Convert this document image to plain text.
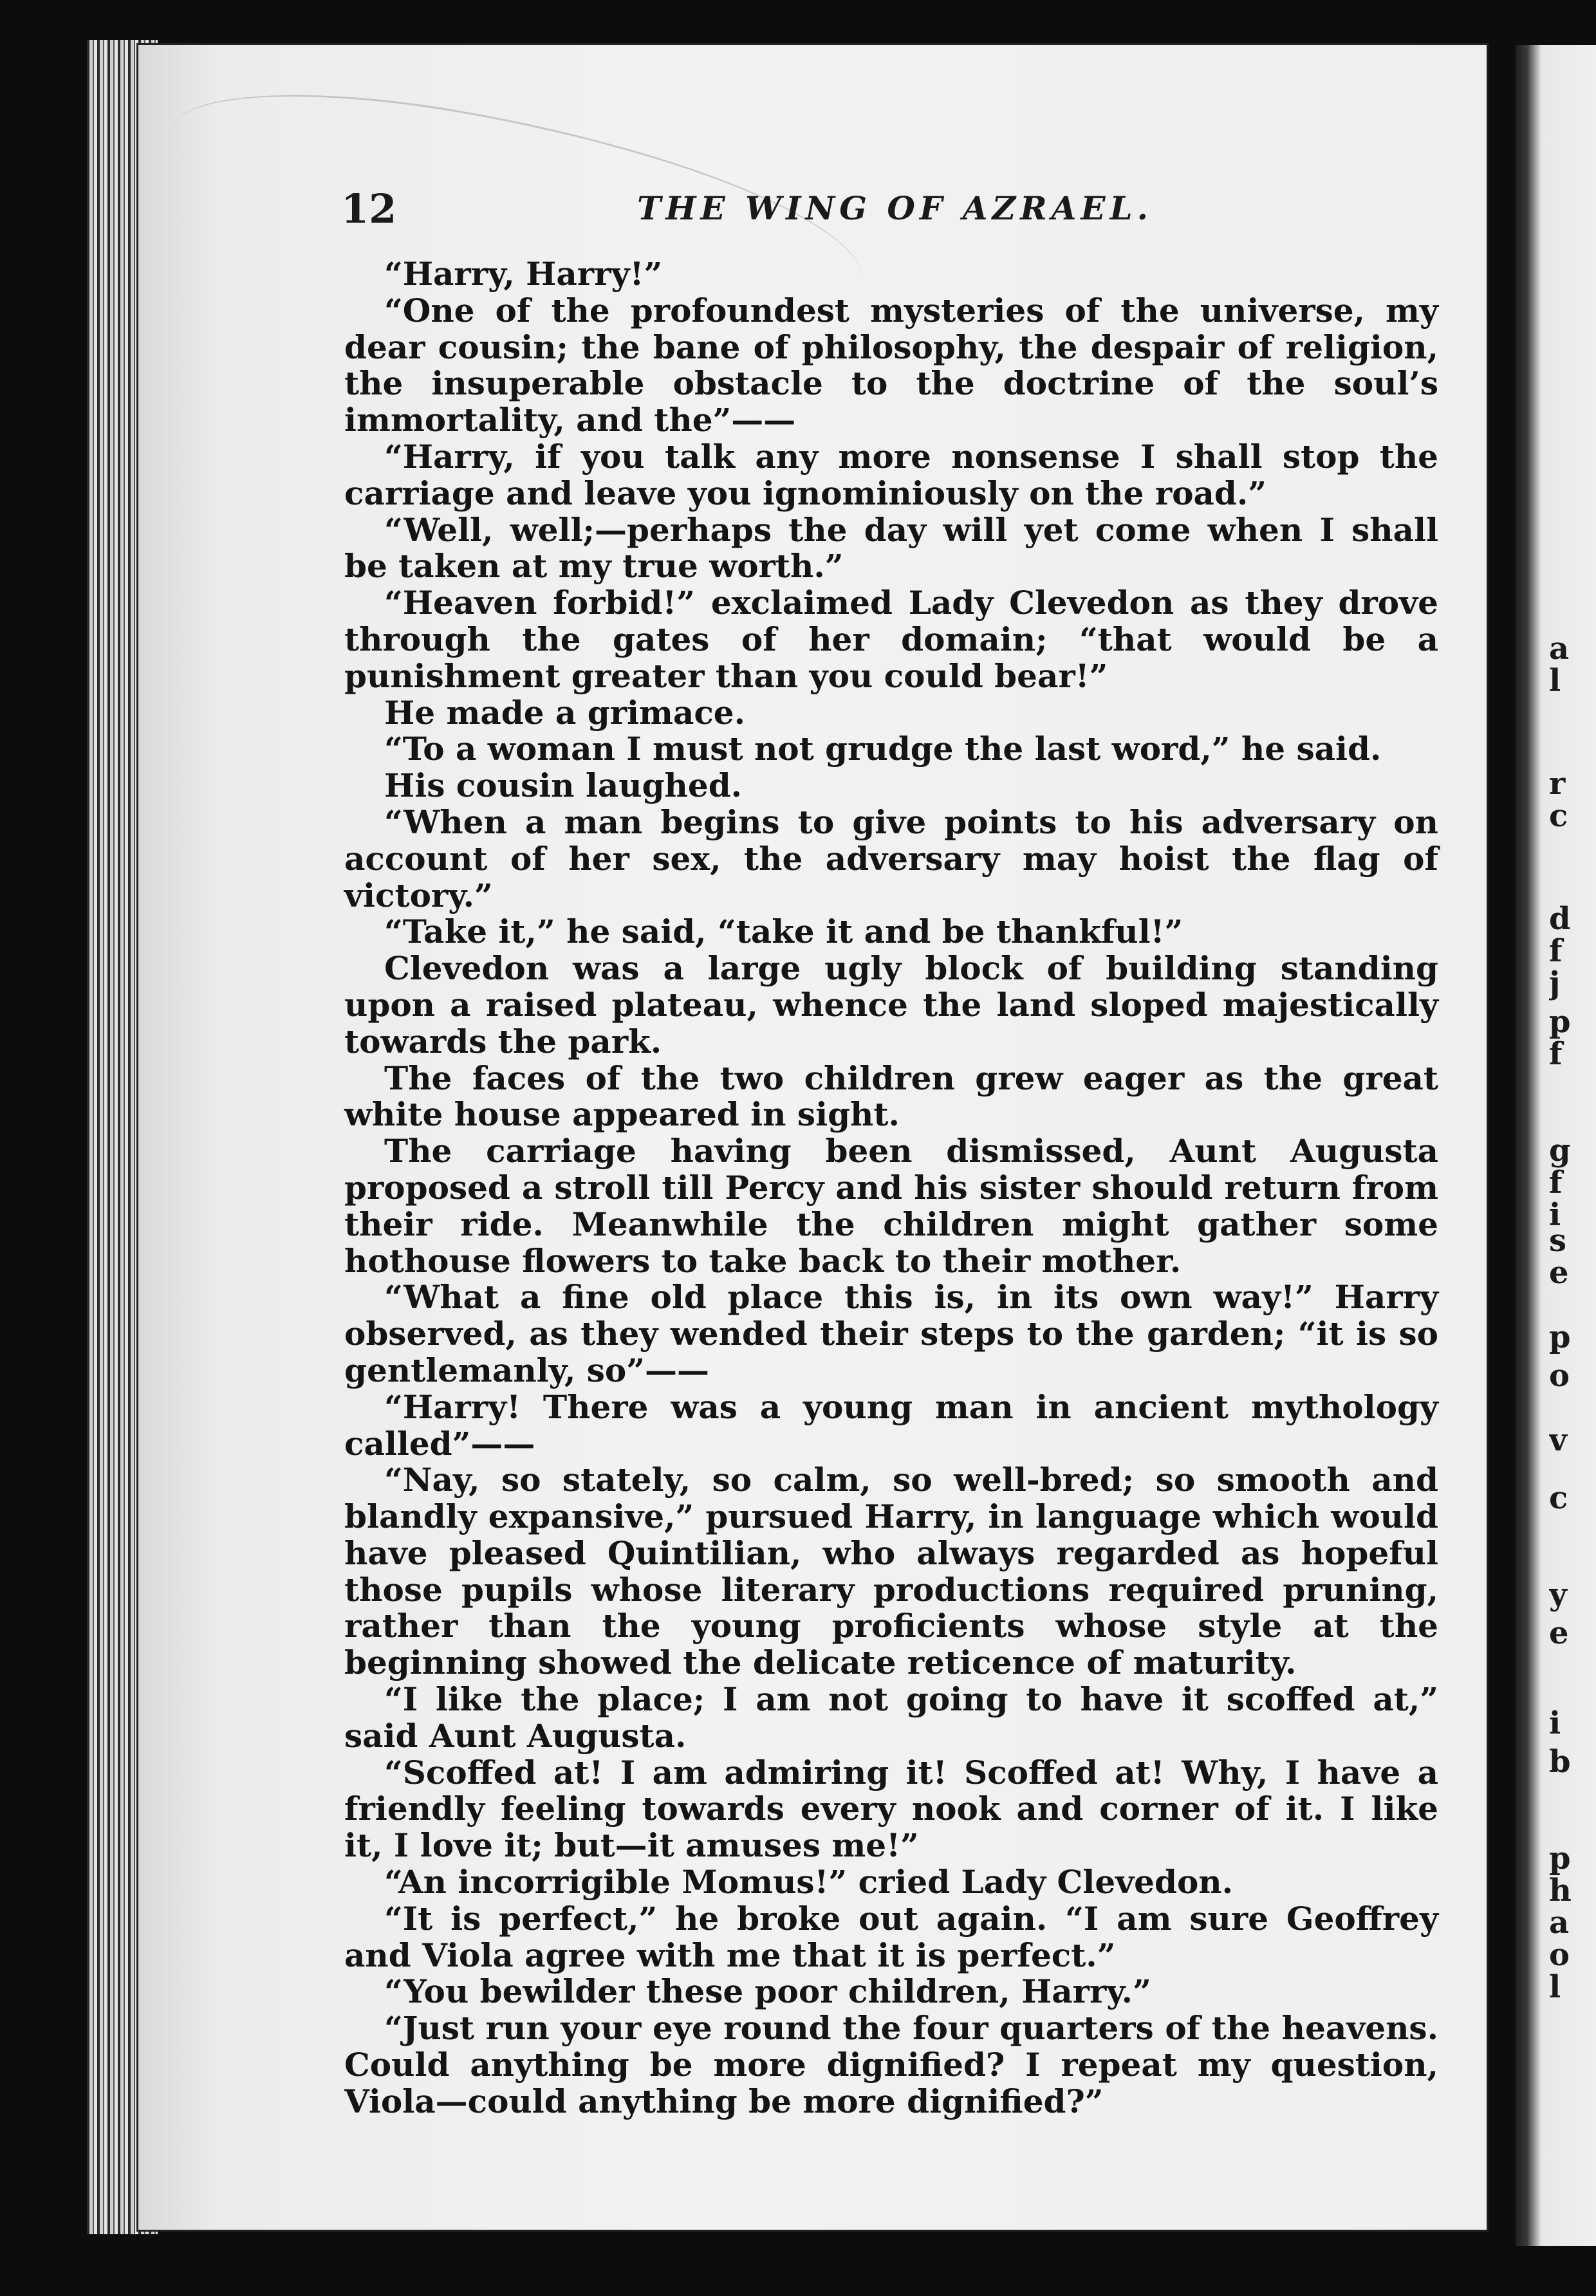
a
l
r
c
d
f
j
p
f
g
f
i
s
e
p
o
v
c
y
e
i
b
p
h
a
o
l
12	THE WING OF AZRAEL.

“Harry, Harry!”

“One of the profoundest mysteries of the universe, my dear cousin; the bane of philosophy, the despair of religion, the insuperable obstacle to the doctrine of the soul’s immortality, and the”——

“Harry, if you talk any more nonsense I shall stop the carriage and leave you ignominiously on the road.”

“Well, well;—perhaps the day will yet come when I shall be taken at my true worth.”

“Heaven forbid!” exclaimed Lady Clevedon as they drove through the gates of her domain; “that would be a punishment greater than you could bear!”

He made a grimace.

“To a woman I must not grudge the last word,” he said.

His cousin laughed.

“When a man begins to give points to his adversary on account of her sex, the adversary may hoist the flag of victory.”

“Take it,” he said, “take it and be thankful!”

Clevedon was a large ugly block of building standing upon a raised plateau, whence the land sloped majestically towards the park.

The faces of the two children grew eager as the great white house appeared in sight.

The carriage having been dismissed, Aunt Augusta proposed a stroll till Percy and his sister should return from their ride. Meanwhile the children might gather some hothouse flowers to take back to their mother.

“What a fine old place this is, in its own way!” Harry observed, as they wended their steps to the garden; “it is so gentlemanly, so”——

“Harry! There was a young man in ancient mythology called”——

“Nay, so stately, so calm, so well-bred; so smooth and blandly expansive,” pursued Harry, in language which would have pleased Quintilian, who always regarded as hopeful those pupils whose literary productions required pruning, rather than the young proficients whose style at the beginning showed the delicate reticence of maturity.

“I like the place; I am not going to have it scoffed at,” said Aunt Augusta.

“Scoffed at! I am admiring it! Scoffed at! Why, I have a friendly feeling towards every nook and corner of it. I like it, I love it; but—it amuses me!”

“An incorrigible Momus!” cried Lady Clevedon.

“It is perfect,” he broke out again. “I am sure Geoffrey and Viola agree with me that it is perfect.”

“You bewilder these poor children, Harry.”

“Just run your eye round the four quarters of the heavens. Could anything be more dignified? I repeat my question, Viola—could anything be more dignified?”
